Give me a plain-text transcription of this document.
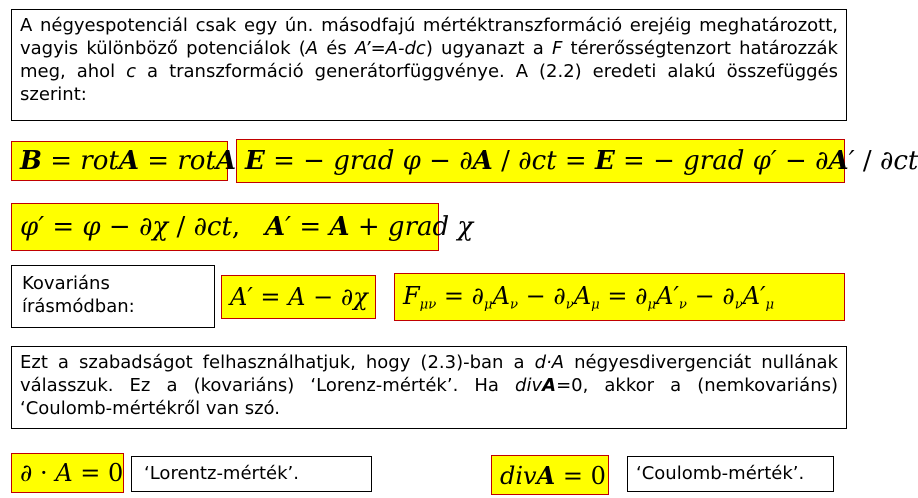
A négyespotenciál csak egy ún. másodfajú mértéktranszformáció erejéig meghatározott, vagyis különböző potenciálok (A és A’=A-dc) ugyanazt a F térerősségtenzort határozzák meg, ahol c a transzformáció generátorfüggvénye. A (2.2) eredeti alakú összefüggés szerint:
B = rotA = rotA E = − grad φ − ∂A / ∂ct = E = − grad φ′ − ∂A′ / ∂ct
φ′ = φ − ∂χ / ∂ct, A′ = A + grad χ
Kovariáns írásmódban:	A′ = A − ∂χ $F_{\mu\nu} = \partial_\mu A_\nu - \partial_\nu A_\mu = \partial_\mu A'_\nu - \partial_\nu A'_\mu$
Ezt a szabadságot felhasználhatjuk, hogy (2.3)-ban a d·A négyesdivergenciát nullának válasszuk. Ez a (kovariáns) ‘Lorenz-mérték’. Ha divA=0, akkor a (nemkovariáns) ‘Coulomb-mértékről van szó.
∂ · A = 0	‘Lorentz-mérték’.	divA = 0	‘Coulomb-mérték’.
